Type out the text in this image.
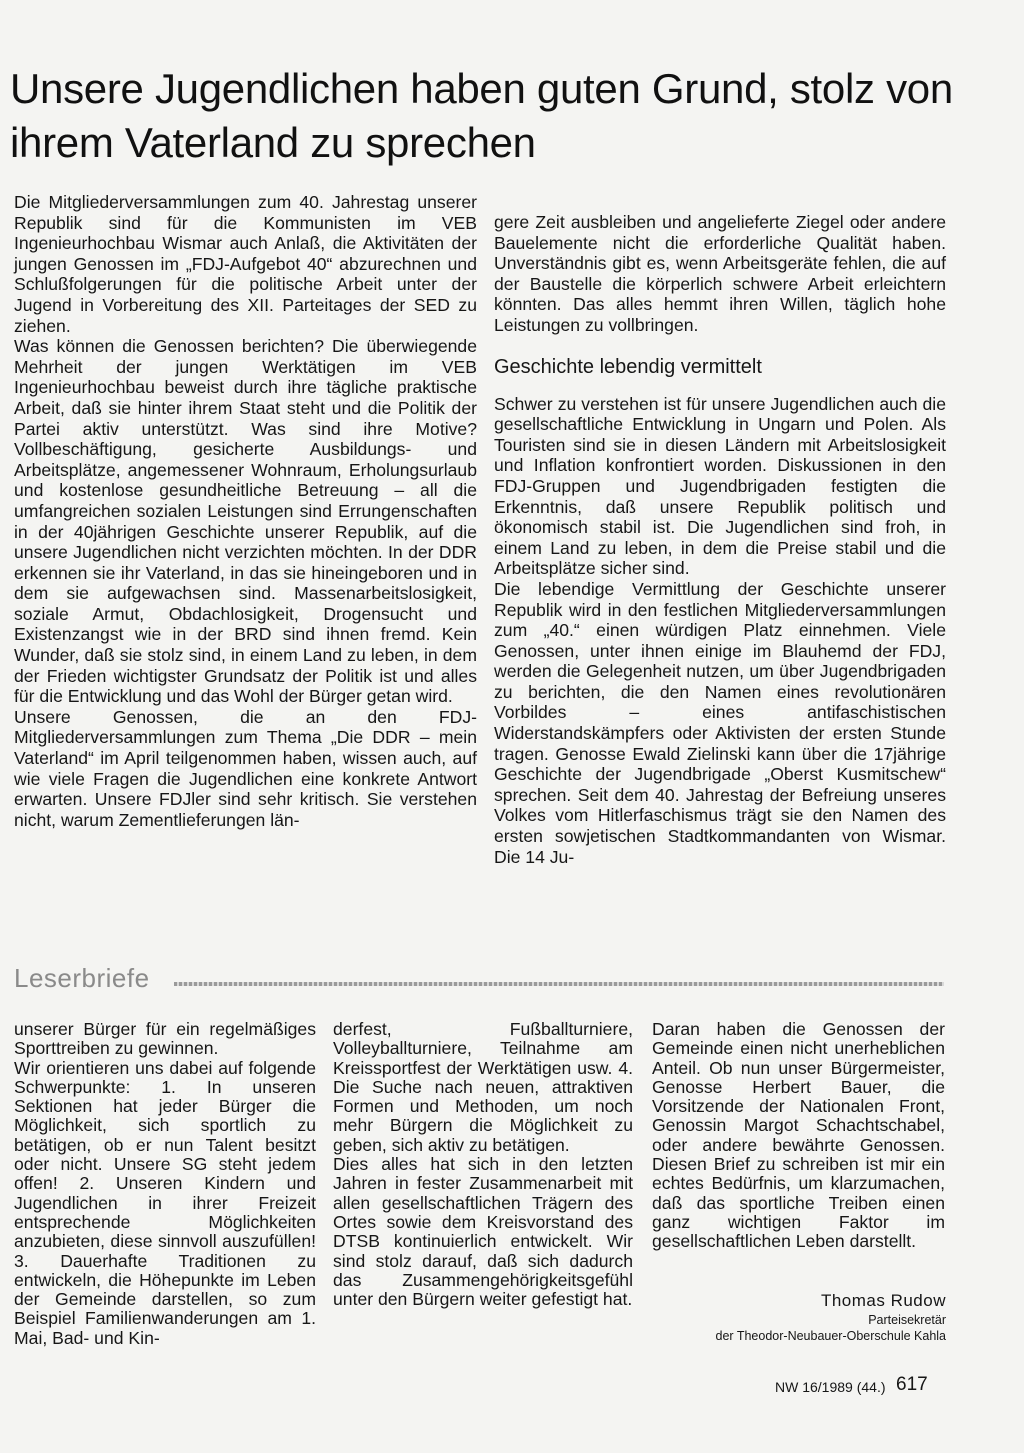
Unsere Jugendlichen haben guten Grund, stolz von ihrem Vaterland zu sprechen

Die Mitgliederversammlungen zum 40. Jahrestag unserer Republik sind für die Kommunisten im VEB Ingenieurhochbau Wismar auch Anlaß, die Aktivitäten der jungen Genossen im „FDJ-Aufgebot 40“ abzurechnen und Schlußfolgerungen für die politische Arbeit unter der Jugend in Vorbereitung des XII. Parteitages der SED zu ziehen.

Was können die Genossen berichten? Die überwiegende Mehrheit der jungen Werktätigen im VEB Ingenieurhochbau beweist durch ihre tägliche praktische Arbeit, daß sie hinter ihrem Staat steht und die Politik der Partei aktiv unterstützt. Was sind ihre Motive? Vollbeschäftigung, gesicherte Ausbildungs- und Arbeitsplätze, angemessener Wohnraum, Erholungsurlaub und kostenlose gesundheitliche Betreuung – all die umfangreichen sozialen Leistungen sind Errungenschaften in der 40jährigen Geschichte unserer Republik, auf die unsere Jugendlichen nicht verzichten möchten. In der DDR erkennen sie ihr Vaterland, in das sie hineingeboren und in dem sie aufgewachsen sind. Massenarbeitslosigkeit, soziale Armut, Obdachlosigkeit, Drogensucht und Existenzangst wie in der BRD sind ihnen fremd. Kein Wunder, daß sie stolz sind, in einem Land zu leben, in dem der Frieden wichtigster Grundsatz der Politik ist und alles für die Entwicklung und das Wohl der Bürger getan wird.

Unsere Genossen, die an den FDJ-Mitgliederversammlungen zum Thema „Die DDR – mein Vaterland“ im April teilgenommen haben, wissen auch, auf wie viele Fragen die Jugendlichen eine konkrete Antwort erwarten. Unsere FDJler sind sehr kritisch. Sie verstehen nicht, warum Zementlieferungen län-

gere Zeit ausbleiben und angelieferte Ziegel oder andere Bauelemente nicht die erforderliche Qualität haben. Unverständnis gibt es, wenn Arbeitsgeräte fehlen, die auf der Baustelle die körperlich schwere Arbeit erleichtern könnten. Das alles hemmt ihren Willen, täglich hohe Leistungen zu vollbringen.

Geschichte lebendig vermittelt

Schwer zu verstehen ist für unsere Jugendlichen auch die gesellschaftliche Entwicklung in Ungarn und Polen. Als Touristen sind sie in diesen Ländern mit Arbeitslosigkeit und Inflation konfrontiert worden. Diskussionen in den FDJ-Gruppen und Jugendbrigaden festigten die Erkenntnis, daß unsere Republik politisch und ökonomisch stabil ist. Die Jugendlichen sind froh, in einem Land zu leben, in dem die Preise stabil und die Arbeitsplätze sicher sind.

Die lebendige Vermittlung der Geschichte unserer Republik wird in den festlichen Mitgliederversammlungen zum „40.“ einen würdigen Platz einnehmen. Viele Genossen, unter ihnen einige im Blauhemd der FDJ, werden die Gelegenheit nutzen, um über Jugendbrigaden zu berichten, die den Namen eines revolutionären Vorbildes – eines antifaschistischen Widerstandskämpfers oder Aktivisten der ersten Stunde tragen. Genosse Ewald Zielinski kann über die 17jährige Geschichte der Jugendbrigade „Oberst Kusmitschew“ sprechen. Seit dem 40. Jahrestag der Befreiung unseres Volkes vom Hitlerfaschismus trägt sie den Namen des ersten sowjetischen Stadtkommandanten von Wismar. Die 14 Ju-

Leserbriefe

unserer Bürger für ein regelmäßiges Sporttreiben zu gewinnen.

Wir orientieren uns dabei auf folgende Schwerpunkte: 1. In unseren Sektionen hat jeder Bürger die Möglichkeit, sich sportlich zu betätigen, ob er nun Talent besitzt oder nicht. Unsere SG steht jedem offen! 2. Unseren Kindern und Jugendlichen in ihrer Freizeit entsprechende Möglichkeiten anzubieten, diese sinnvoll auszufüllen! 3. Dauerhafte Traditionen zu entwickeln, die Höhepunkte im Leben der Gemeinde darstellen, so zum Beispiel Familienwanderungen am 1. Mai, Bad- und Kin-

derfest, Fußballturniere, Volleyballturniere, Teilnahme am Kreissportfest der Werktätigen usw. 4. Die Suche nach neuen, attraktiven Formen und Methoden, um noch mehr Bürgern die Möglichkeit zu geben, sich aktiv zu betätigen.

Dies alles hat sich in den letzten Jahren in fester Zusammenarbeit mit allen gesellschaftlichen Trägern des Ortes sowie dem Kreisvorstand des DTSB kontinuierlich entwickelt. Wir sind stolz darauf, daß sich dadurch das Zusammengehörigkeitsgefühl unter den Bürgern weiter gefestigt hat.

Daran haben die Genossen der Gemeinde einen nicht unerheblichen Anteil. Ob nun unser Bürgermeister, Genosse Herbert Bauer, die Vorsitzende der Nationalen Front, Genossin Margot Schachtschabel, oder andere bewährte Genossen. Diesen Brief zu schreiben ist mir ein echtes Bedürfnis, um klarzumachen, daß das sportliche Treiben einen ganz wichtigen Faktor im gesellschaftlichen Leben darstellt.

Thomas Rudow
Parteisekretär
der Theodor-Neubauer-Oberschule Kahla
NW 16/1989 (44.) 617
